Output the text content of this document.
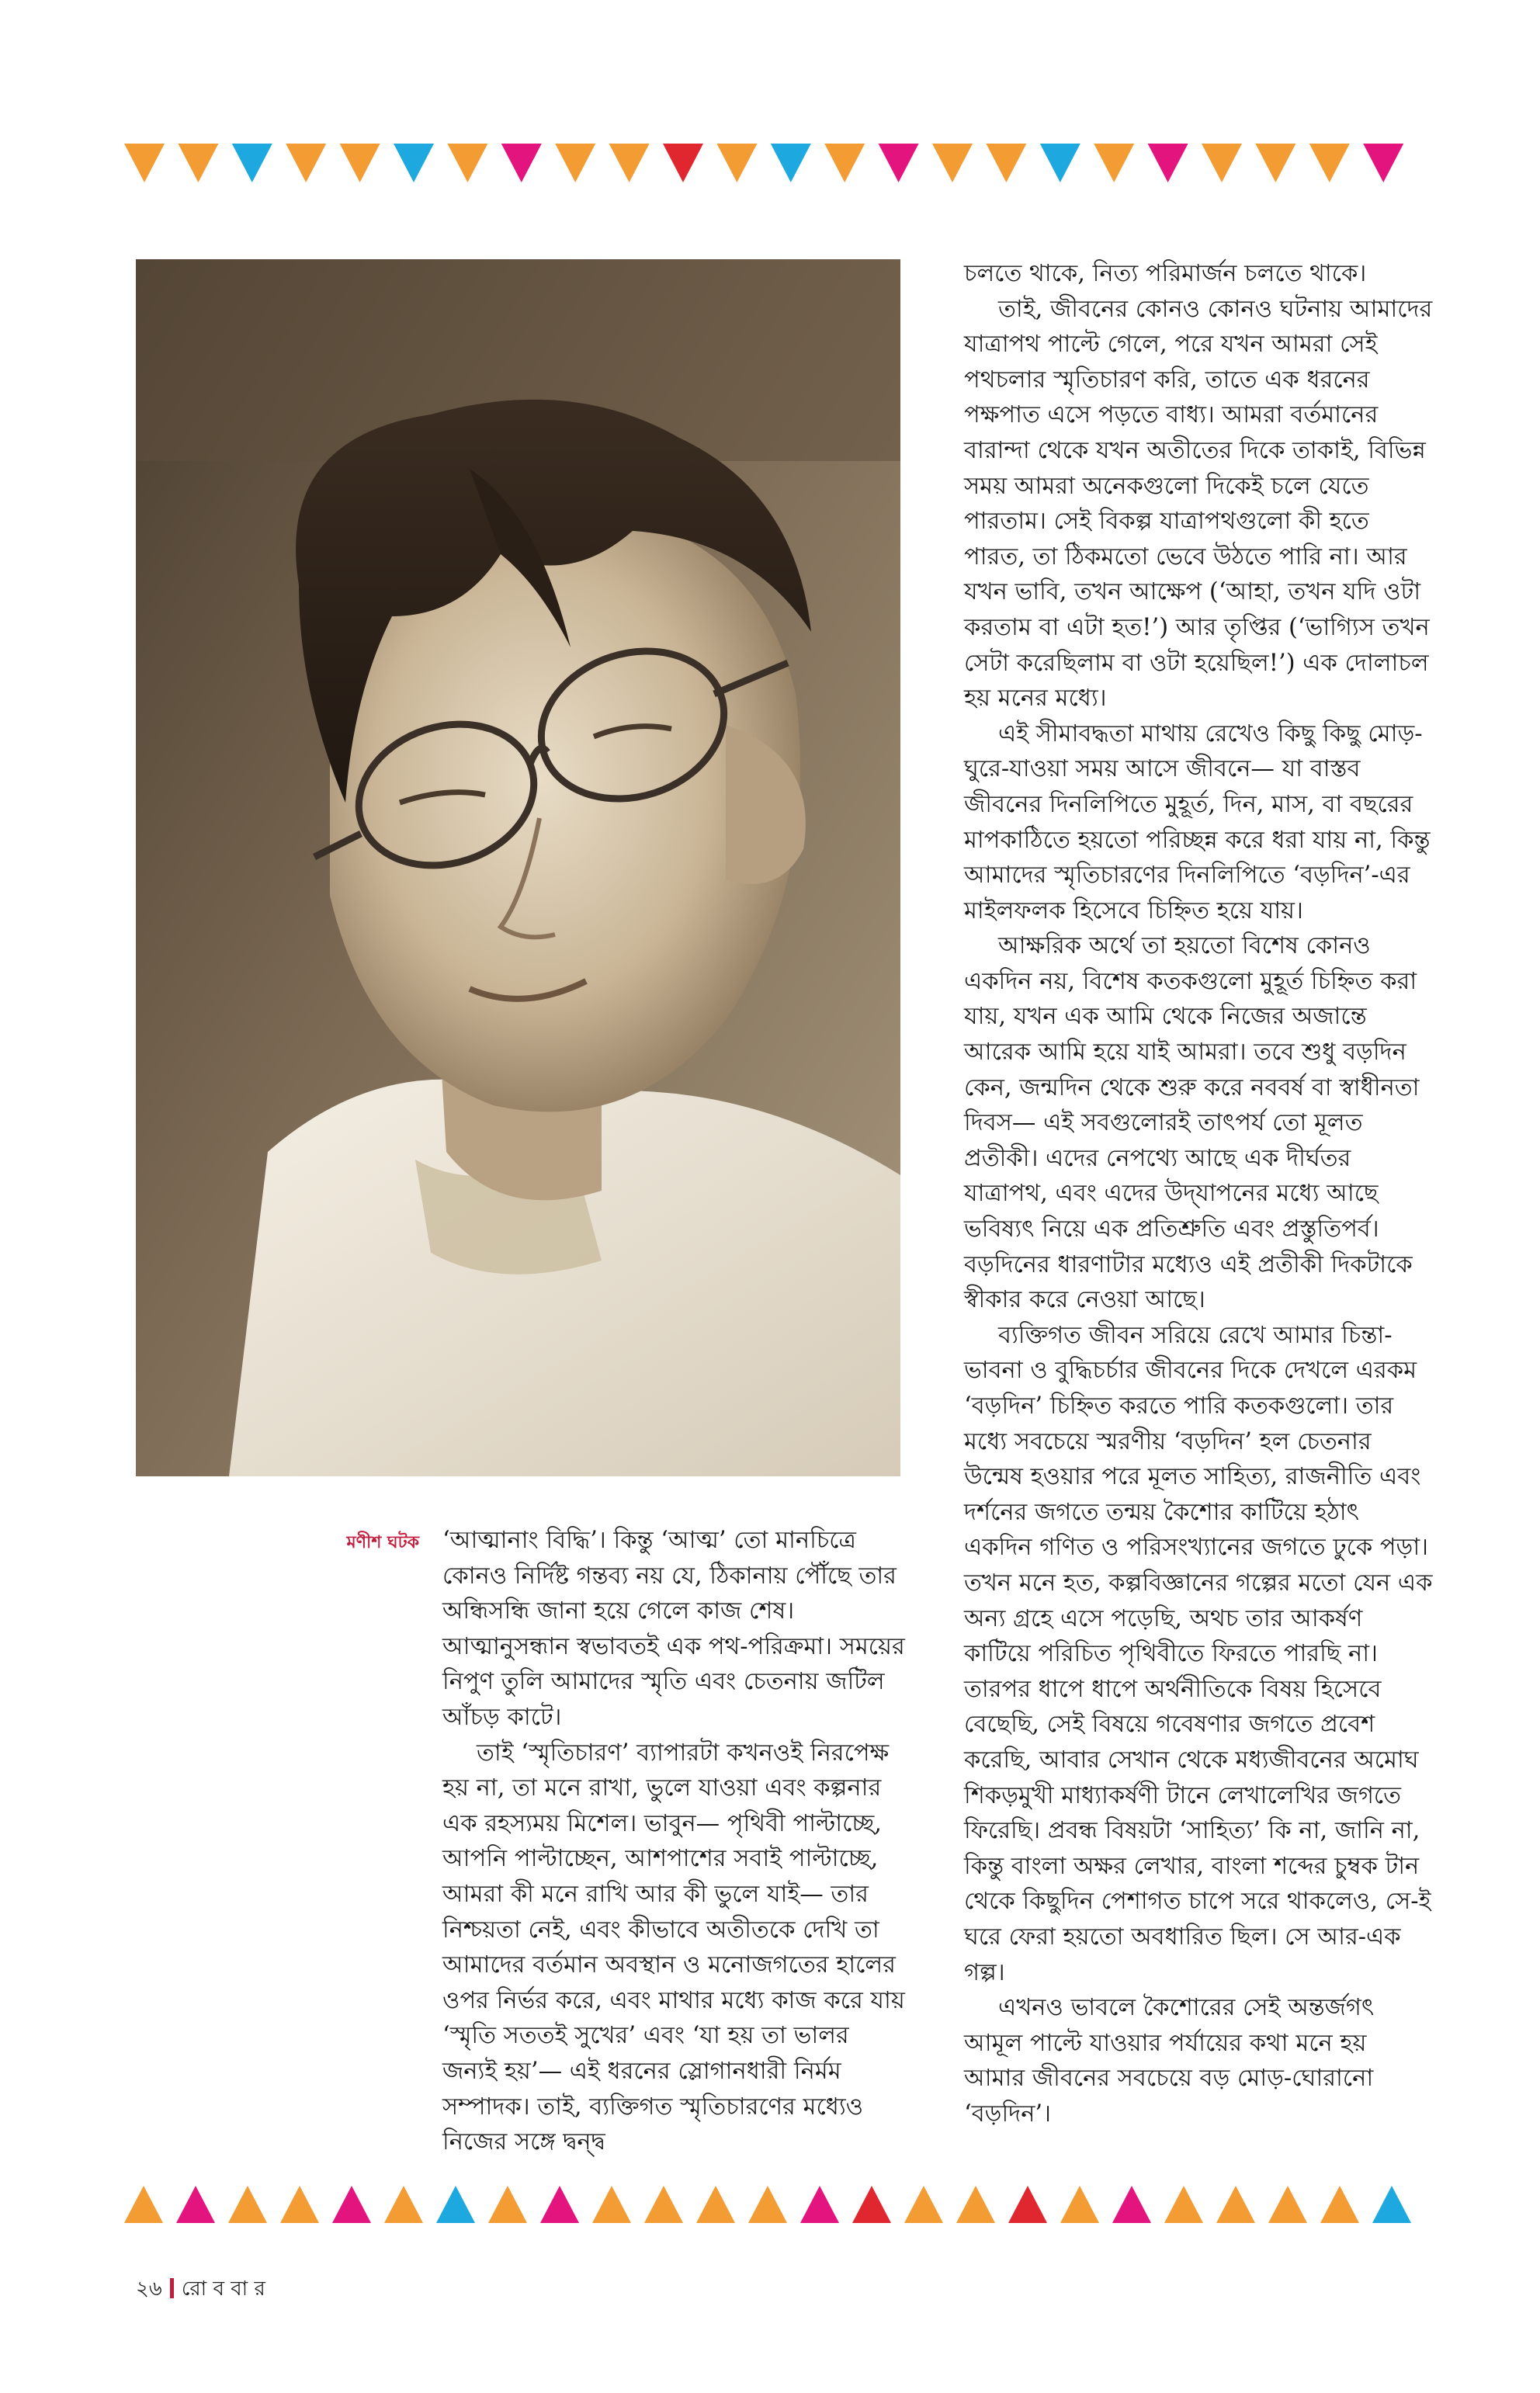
মণীশ ঘটক ‘আত্মানাং বিদ্ধি’। কিন্তু ‘আত্ম’ তো মানচিত্রে কোনও নির্দিষ্ট গন্তব্য নয় যে, ঠিকানায় পৌঁছে তার অন্ধিসন্ধি জানা হয়ে গেলে কাজ শেষ। আত্মানুসন্ধান স্বভাবতই এক পথ-পরিক্রমা। সময়ের নিপুণ তুলি আমাদের স্মৃতি এবং চেতনায় জটিল আঁচড় কাটে।

তাই ‘স্মৃতিচারণ’ ব্যাপারটা কখনওই নিরপেক্ষ হয় না, তা মনে রাখা, ভুলে যাওয়া এবং কল্পনার এক রহস্যময় মিশেল। ভাবুন— পৃথিবী পাল্টাচ্ছে, আপনি পাল্টাচ্ছেন, আশপাশের সবাই পাল্টাচ্ছে, আমরা কী মনে রাখি আর কী ভুলে যাই— তার নিশ্চয়তা নেই, এবং কীভাবে অতীতকে দেখি তা আমাদের বর্তমান অবস্থান ও মনোজগতের হালের ওপর নির্ভর করে, এবং মাথার মধ্যে কাজ করে যায় ‘স্মৃতি সততই সুখের’ এবং ‘যা হয় তা ভালর জন্যই হয়’— এই ধরনের স্লোগানধারী নির্মম সম্পাদক। তাই, ব্যক্তিগত স্মৃতিচারণের মধ্যেও নিজের সঙ্গে দ্বন্দ্ব

চলতে থাকে, নিত্য পরিমার্জন চলতে থাকে।

তাই, জীবনের কোনও কোনও ঘটনায় আমাদের যাত্রাপথ পাল্টে গেলে, পরে যখন আমরা সেই পথচলার স্মৃতিচারণ করি, তাতে এক ধরনের পক্ষপাত এসে পড়তে বাধ্য। আমরা বর্তমানের বারান্দা থেকে যখন অতীতের দিকে তাকাই, বিভিন্ন সময় আমরা অনেকগুলো দিকেই চলে যেতে পারতাম। সেই বিকল্প যাত্রাপথগুলো কী হতে পারত, তা ঠিকমতো ভেবে উঠতে পারি না। আর যখন ভাবি, তখন আক্ষেপ (‘আহা, তখন যদি ওটা করতাম বা এটা হত!’) আর তৃপ্তির (‘ভাগ্যিস তখন সেটা করেছিলাম বা ওটা হয়েছিল!’) এক দোলাচল হয় মনের মধ্যে।

এই সীমাবদ্ধতা মাথায় রেখেও কিছু কিছু মোড়-ঘুরে-যাওয়া সময় আসে জীবনে— যা বাস্তব জীবনের দিনলিপিতে মুহূর্ত, দিন, মাস, বা বছরের মাপকাঠিতে হয়তো পরিচ্ছন্ন করে ধরা যায় না, কিন্তু আমাদের স্মৃতিচারণের দিনলিপিতে ‘বড়দিন’-এর মাইলফলক হিসেবে চিহ্নিত হয়ে যায়।

আক্ষরিক অর্থে তা হয়তো বিশেষ কোনও একদিন নয়, বিশেষ কতকগুলো মুহূর্ত চিহ্নিত করা যায়, যখন এক আমি থেকে নিজের অজান্তে আরেক আমি হয়ে যাই আমরা। তবে শুধু বড়দিন কেন, জন্মদিন থেকে শুরু করে নববর্ষ বা স্বাধীনতা দিবস— এই সবগুলোরই তাৎপর্য তো মূলত প্রতীকী। এদের নেপথ্যে আছে এক দীর্ঘতর যাত্রাপথ, এবং এদের উদ্‌যাপনের মধ্যে আছে ভবিষ্যৎ নিয়ে এক প্রতিশ্রুতি এবং প্রস্তুতিপর্ব। বড়দিনের ধারণাটার মধ্যেও এই প্রতীকী দিকটাকে স্বীকার করে নেওয়া আছে।

ব্যক্তিগত জীবন সরিয়ে রেখে আমার চিন্তা-ভাবনা ও বুদ্ধিচর্চার জীবনের দিকে দেখলে এরকম ‘বড়দিন’ চিহ্নিত করতে পারি কতকগুলো। তার মধ্যে সবচেয়ে স্মরণীয় ‘বড়দিন’ হল চেতনার উন্মেষ হওয়ার পরে মূলত সাহিত্য, রাজনীতি এবং দর্শনের জগতে তন্ময় কৈশোর কাটিয়ে হঠাৎ একদিন গণিত ও পরিসংখ্যানের জগতে ঢুকে পড়া। তখন মনে হত, কল্পবিজ্ঞানের গল্পের মতো যেন এক অন্য গ্রহে এসে পড়েছি, অথচ তার আকর্ষণ কাটিয়ে পরিচিত পৃথিবীতে ফিরতে পারছি না। তারপর ধাপে ধাপে অর্থনীতিকে বিষয় হিসেবে বেছেছি, সেই বিষয়ে গবেষণার জগতে প্রবেশ করেছি, আবার সেখান থেকে মধ্যজীবনের অমোঘ শিকড়মুখী মাধ্যাকর্ষণী টানে লেখালেখির জগতে ফিরেছি। প্রবন্ধ বিষয়টা ‘সাহিত্য’ কি না, জানি না, কিন্তু বাংলা অক্ষর লেখার, বাংলা শব্দের চুম্বক টান থেকে কিছুদিন পেশাগত চাপে সরে থাকলেও, সে-ই ঘরে ফেরা হয়তো অবধারিত ছিল। সে আর-এক গল্প।

এখনও ভাবলে কৈশোরের সেই অন্তর্জগৎ আমূল পাল্টে যাওয়ার পর্যায়ের কথা মনে হয় আমার জীবনের সবচেয়ে বড় মোড়-ঘোরানো ‘বড়দিন’।

২৬ রো ব বা র
